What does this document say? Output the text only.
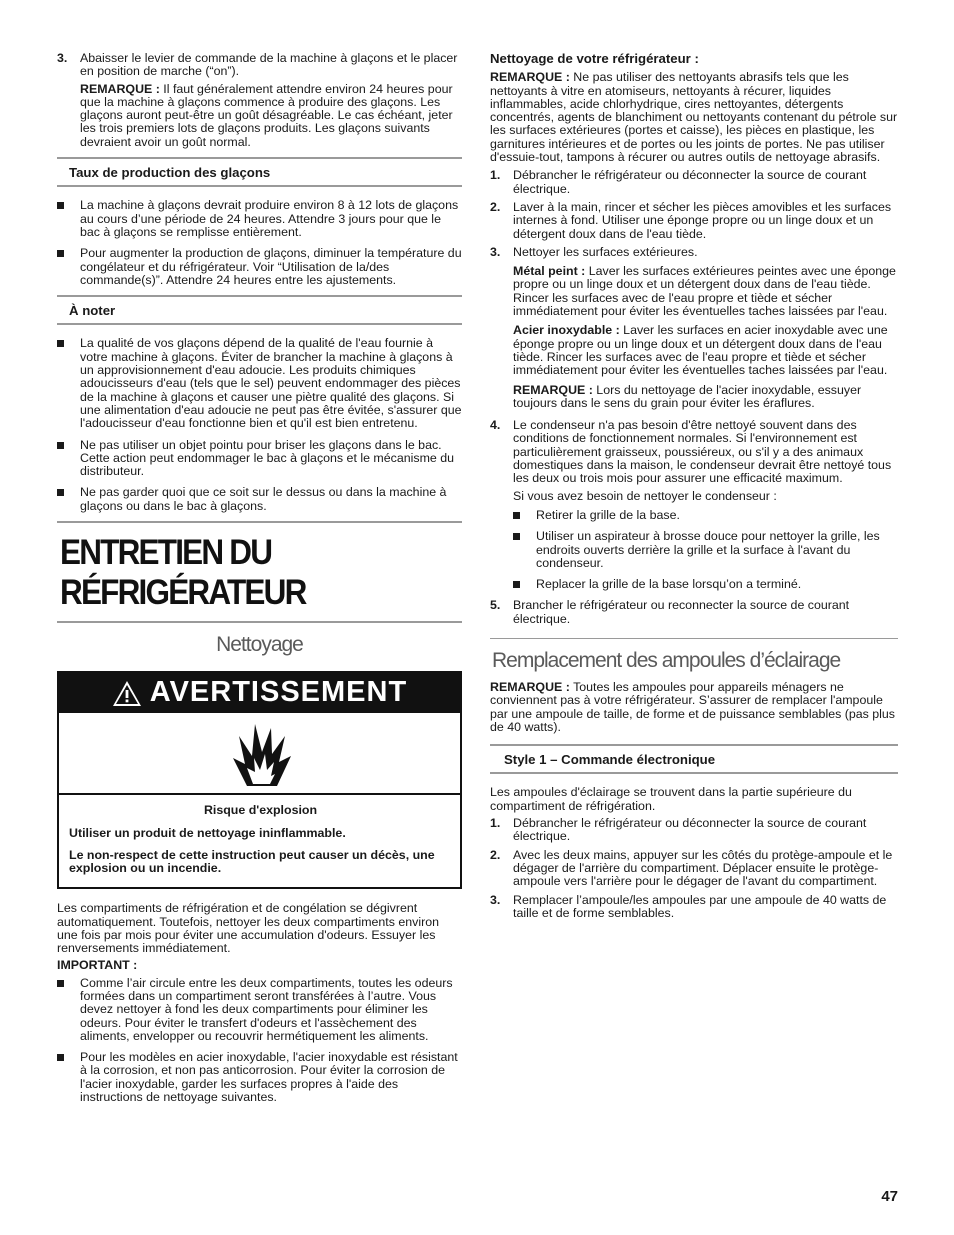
3. Abaisser le levier de commande de la machine à glaçons et le placer en position de marche (“on”).

REMARQUE : Il faut généralement attendre environ 24 heures pour que la machine à glaçons commence à produire des glaçons. Les glaçons auront peut-être un goût désagréable. Le cas échéant, jeter les trois premiers lots de glaçons produits. Les glaçons suivants devraient avoir un goût normal.

Taux de production des glaçons

La machine à glaçons devrait produire environ 8 à 12 lots de glaçons au cours d’une période de 24 heures. Attendre 3 jours pour que le bac à glaçons se remplisse entièrement.

Pour augmenter la production de glaçons, diminuer la température du congélateur et du réfrigérateur. Voir “Utilisation de la/des commande(s)”. Attendre 24 heures entre les ajustements.

À noter

La qualité de vos glaçons dépend de la qualité de l'eau fournie à votre machine à glaçons. Éviter de brancher la machine à glaçons à un approvisionnement d'eau adoucie. Les produits chimiques adoucisseurs d'eau (tels que le sel) peuvent endommager des pièces de la machine à glaçons et causer une piètre qualité des glaçons. Si une alimentation d'eau adoucie ne peut pas être évitée, s'assurer que l'adoucisseur d'eau fonctionne bien et qu'il est bien entretenu.

Ne pas utiliser un objet pointu pour briser les glaçons dans le bac. Cette action peut endommager le bac à glaçons et le mécanisme du distributeur.

Ne pas garder quoi que ce soit sur le dessus ou dans la machine à glaçons ou dans le bac à glaçons.

ENTRETIEN DU RÉFRIGÉRATEUR
Nettoyage
AVERTISSEMENT

Risque d'explosion

Utiliser un produit de nettoyage ininflammable.

Le non-respect de cette instruction peut causer un décès, une explosion ou un incendie.

Les compartiments de réfrigération et de congélation se dégivrent automatiquement. Toutefois, nettoyer les deux compartiments environ une fois par mois pour éviter une accumulation d'odeurs. Essuyer les renversements immédiatement.

IMPORTANT :

Comme l’air circule entre les deux compartiments, toutes les odeurs formées dans un compartiment seront transférées à l’autre. Vous devez nettoyer à fond les deux compartiments pour éliminer les odeurs. Pour éviter le transfert d'odeurs et l'assèchement des aliments, envelopper ou recouvrir hermétiquement les aliments.

Pour les modèles en acier inoxydable, l'acier inoxydable est résistant à la corrosion, et non pas anticorrosion. Pour éviter la corrosion de l'acier inoxydable, garder les surfaces propres à l'aide des instructions de nettoyage suivantes.

Nettoyage de votre réfrigérateur :

REMARQUE : Ne pas utiliser des nettoyants abrasifs tels que les nettoyants à vitre en atomiseurs, nettoyants à récurer, liquides inflammables, acide chlorhydrique, cires nettoyantes, détergents concentrés, agents de blanchiment ou nettoyants contenant du pétrole sur les surfaces extérieures (portes et caisse), les pièces en plastique, les garnitures intérieures et de portes ou les joints de portes. Ne pas utiliser d'essuie-tout, tampons à récurer ou autres outils de nettoyage abrasifs.

1. Débrancher le réfrigérateur ou déconnecter la source de courant électrique.

2. Laver à la main, rincer et sécher les pièces amovibles et les surfaces internes à fond. Utiliser une éponge propre ou un linge doux et un détergent doux dans de l'eau tiède.

3. Nettoyer les surfaces extérieures.

Métal peint : Laver les surfaces extérieures peintes avec une éponge propre ou un linge doux et un détergent doux dans de l'eau tiède. Rincer les surfaces avec de l'eau propre et tiède et sécher immédiatement pour éviter les éventuelles taches laissées par l'eau.

Acier inoxydable : Laver les surfaces en acier inoxydable avec une éponge propre ou un linge doux et un détergent doux dans de l'eau tiède. Rincer les surfaces avec de l'eau propre et tiède et sécher immédiatement pour éviter les éventuelles taches laissées par l'eau.

REMARQUE : Lors du nettoyage de l'acier inoxydable, essuyer toujours dans le sens du grain pour éviter les éraflures.

4. Le condenseur n'a pas besoin d'être nettoyé souvent dans des conditions de fonctionnement normales. Si l'environnement est particulièrement graisseux, poussiéreux, ou s'il y a des animaux domestiques dans la maison, le condenseur devrait être nettoyé tous les deux ou trois mois pour assurer une efficacité maximum.

Si vous avez besoin de nettoyer le condenseur :

Retirer la grille de la base.

Utiliser un aspirateur à brosse douce pour nettoyer la grille, les endroits ouverts derrière la grille et la surface à l'avant du condenseur.

Replacer la grille de la base lorsqu’on a terminé.

5. Brancher le réfrigérateur ou reconnecter la source de courant électrique.

Remplacement des ampoules d’éclairage

REMARQUE : Toutes les ampoules pour appareils ménagers ne conviennent pas à votre réfrigérateur. S’assurer de remplacer l'ampoule par une ampoule de taille, de forme et de puissance semblables (pas plus de 40 watts).

Style 1 – Commande électronique

Les ampoules d'éclairage se trouvent dans la partie supérieure du compartiment de réfrigération.

1. Débrancher le réfrigérateur ou déconnecter la source de courant électrique.

2. Avec les deux mains, appuyer sur les côtés du protège-ampoule et le dégager de l'arrière du compartiment. Déplacer ensuite le protège-ampoule vers l'arrière pour le dégager de l'avant du compartiment.

3. Remplacer l’ampoule/les ampoules par une ampoule de 40 watts de taille et de forme semblables.

47
